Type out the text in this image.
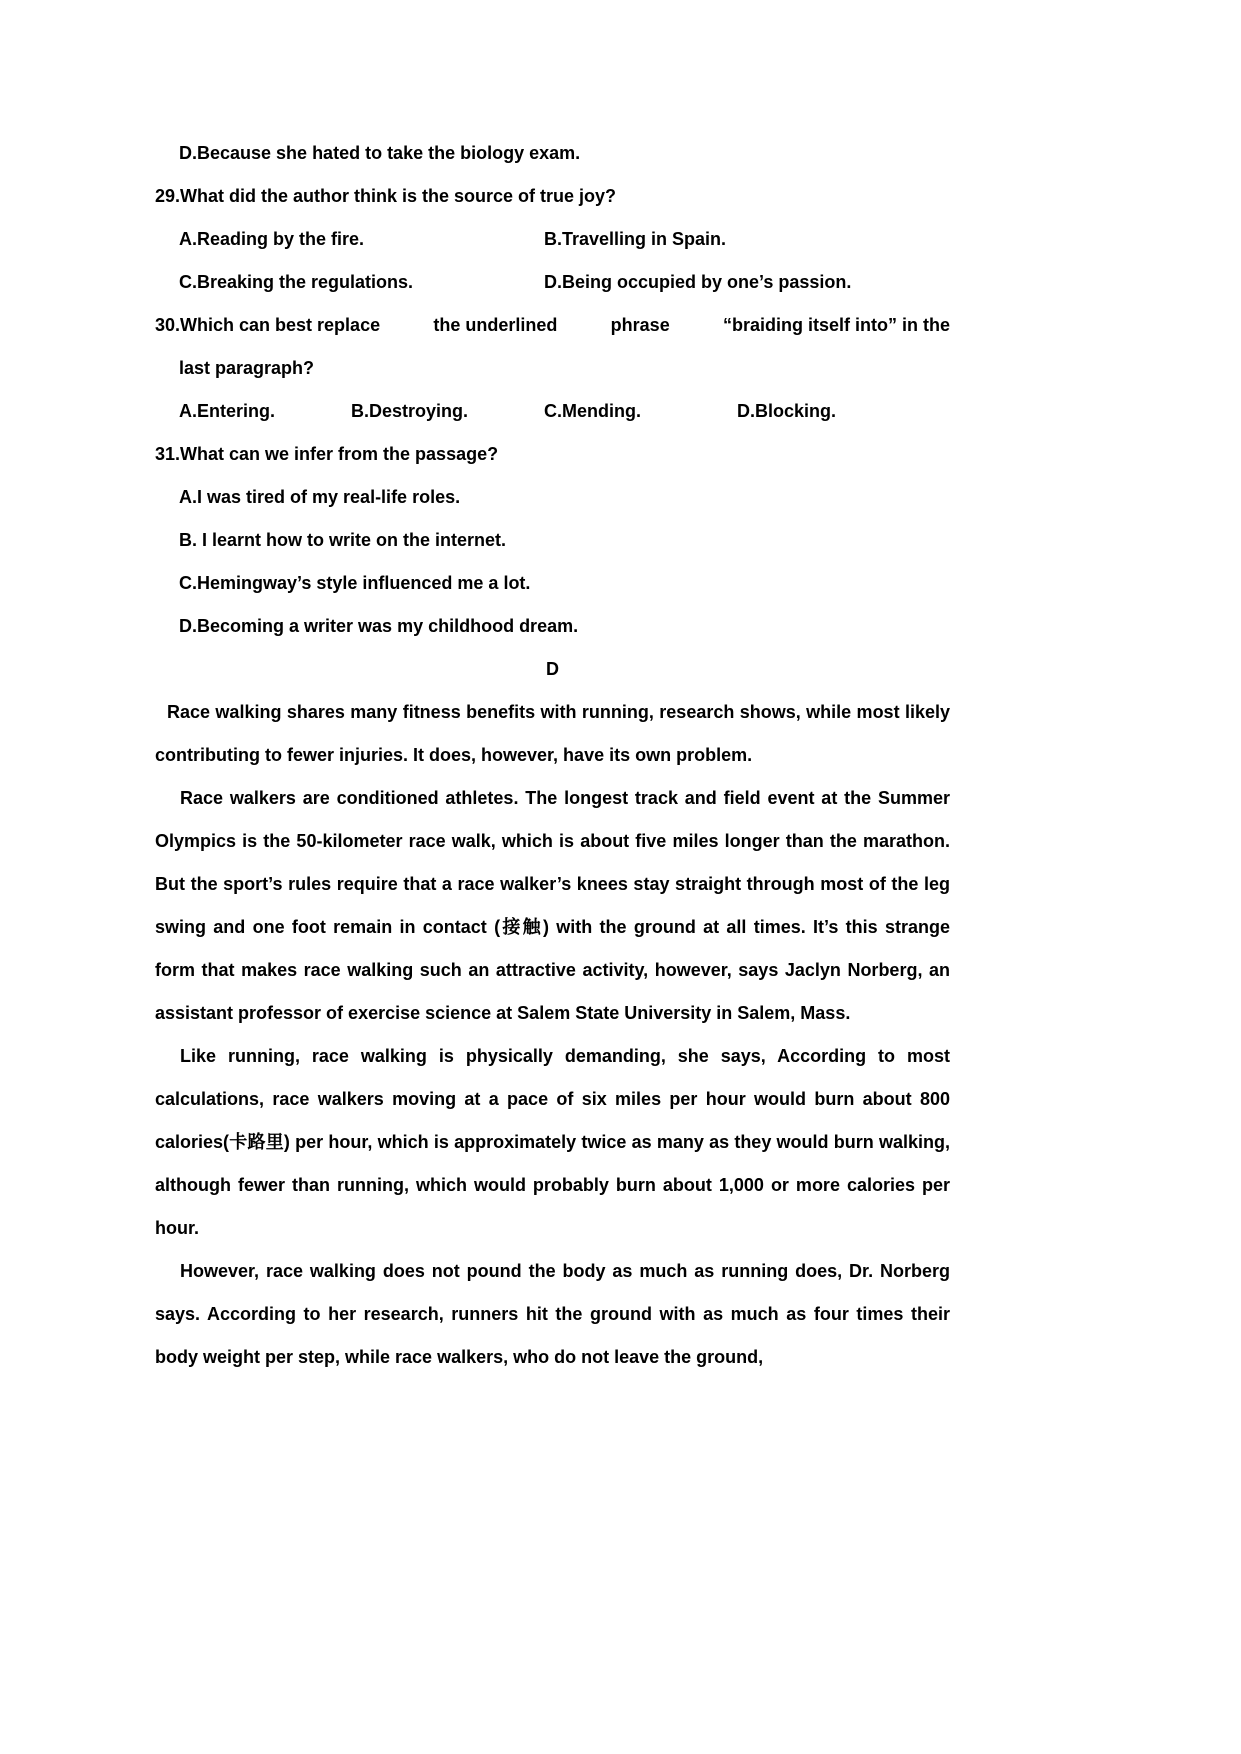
D.Because she hated to take the biology exam.

29.What did the author think is the source of true joy?

A.Reading by the fire.	B.Travelling in Spain.
C.Breaking the regulations.	D.Being occupied by one’s passion.
30.Which can best replace	the underlined	phrase	“braiding itself into” in the

last paragraph?

A.Entering.	B.Destroying.	C.Mending.	D.Blocking.

31.What can we infer from the passage?

A.I was tired of my real-life roles.

B. I learnt how to write on the internet.

C.Hemingway’s style influenced me a lot.

D.Becoming a writer was my childhood dream.

D

Race walking shares many fitness benefits with running, research shows, while most likely contributing to fewer injuries. It does, however, have its own problem.

Race walkers are conditioned athletes. The longest track and field event at the Summer Olympics is the 50-kilometer race walk, which is about five miles longer than the marathon. But the sport’s rules require that a race walker’s knees stay straight through most of the leg swing and one foot remain in contact (接触) with the ground at all times. It’s this strange form that makes race walking such an attractive activity, however, says Jaclyn Norberg, an assistant professor of exercise science at Salem State University in Salem, Mass.

Like running, race walking is physically demanding, she says, According to most calculations, race walkers moving at a pace of six miles per hour would burn about 800 calories(卡路里) per hour, which is approximately twice as many as they would burn walking, although fewer than running, which would probably burn about 1,000 or more calories per hour.

However, race walking does not pound the body as much as running does, Dr. Norberg says. According to her research, runners hit the ground with as much as four times their body weight per step, while race walkers, who do not leave the ground,
